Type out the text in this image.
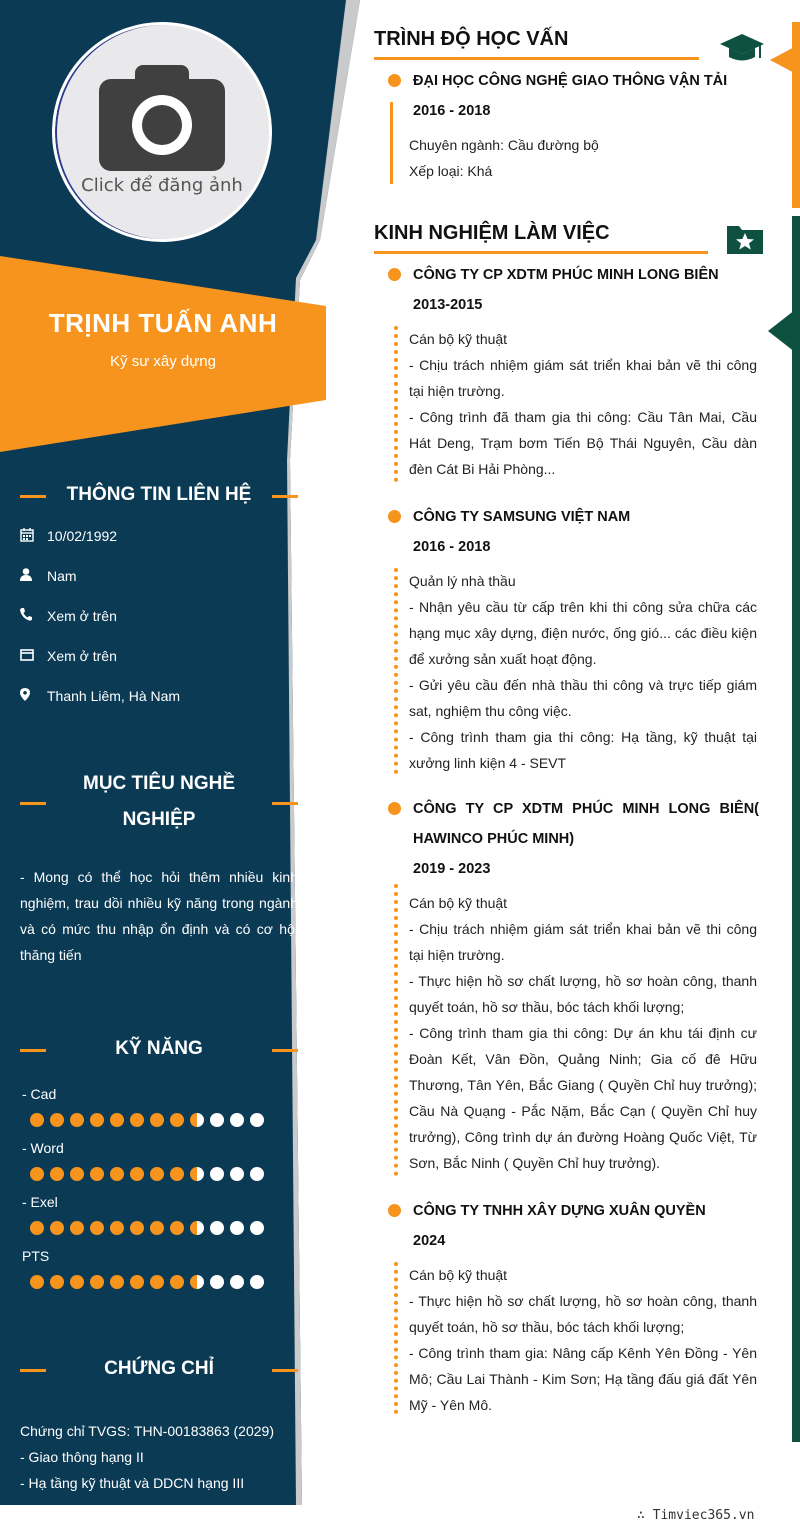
Click để đăng ảnh
TRỊNH TUẤN ANH
Kỹ sư xây dựng
THÔNG TIN LIÊN HỆ
10/02/1992
Nam
Xem ở trên
Xem ở trên
Thanh Liêm, Hà Nam
MỤC TIÊU NGHỀ
NGHIỆP
- Mong có thể học hỏi thêm nhiều kinh nghiệm, trau dồi nhiều kỹ năng trong ngành và có mức thu nhập ổn định và có cơ hội thăng tiến
KỸ NĂNG
- Cad
- Word
- Exel
PTS
CHỨNG CHỈ
Chứng chỉ TVGS: THN-00183863 (2029)
- Giao thông hạng II
- Hạ tầng kỹ thuật và DDCN hạng III
TRÌNH ĐỘ HỌC VẤN
ĐẠI HỌC CÔNG NGHỆ GIAO THÔNG VẬN TẢI
2016 - 2018
Chuyên ngành: Cầu đường bộ
Xếp loại: Khá
KINH NGHIỆM LÀM VIỆC
CÔNG TY CP XDTM PHÚC MINH LONG BIÊN
2013-2015
Cán bộ kỹ thuật
- Chịu trách nhiệm giám sát triển khai bản vẽ thi công tại hiện trường.
- Công trình đã tham gia thi công: Cầu Tân Mai, Cầu Hát Deng, Trạm bơm Tiến Bộ Thái Nguyên, Cầu dàn đèn Cát Bi Hải Phòng...
CÔNG TY SAMSUNG VIỆT NAM
2016 - 2018
Quản lý nhà thầu
- Nhận yêu cầu từ cấp trên khi thi công sửa chữa các hạng mục xây dựng, điện nước, ống gió... các điều kiện để xưởng sản xuất hoạt động.
- Gửi yêu cầu đến nhà thầu thi công và trực tiếp giám sat, nghiệm thu công việc.
- Công trình tham gia thi công: Hạ tầng, kỹ thuật tại xưởng linh kiện 4 - SEVT
CÔNG TY CP XDTM PHÚC MINH LONG BIÊN( HAWINCO PHÚC MINH)
2019 - 2023
Cán bộ kỹ thuật
- Chịu trách nhiệm giám sát triển khai bản vẽ thi công tại hiện trường.
- Thực hiện hồ sơ chất lượng, hồ sơ hoàn công, thanh quyết toán, hồ sơ thầu, bóc tách khối lượng;
- Công trình tham gia thi công: Dự án khu tái định cư Đoàn Kết, Vân Đồn, Quảng Ninh; Gia cố đê Hữu Thương, Tân Yên, Bắc Giang ( Quyền Chỉ huy trưởng); Cầu Nà Quạng - Pắc Nặm, Bắc Cạn ( Quyền Chỉ huy trưởng), Công trình dự án đường Hoàng Quốc Việt, Từ Sơn, Bắc Ninh ( Quyền Chỉ huy trưởng).
CÔNG TY TNHH XÂY DỰNG XUÂN QUYỀN
2024
Cán bộ kỹ thuật
- Thực hiện hồ sơ chất lượng, hồ sơ hoàn công, thanh quyết toán, hồ sơ thầu, bóc tách khối lượng;
- Công trình tham gia: Nâng cấp Kênh Yên Đồng - Yên Mô; Cầu Lai Thành - Kim Sơn; Hạ tầng đấu giá đất Yên Mỹ - Yên Mô.
∴ Timviec365.vn
